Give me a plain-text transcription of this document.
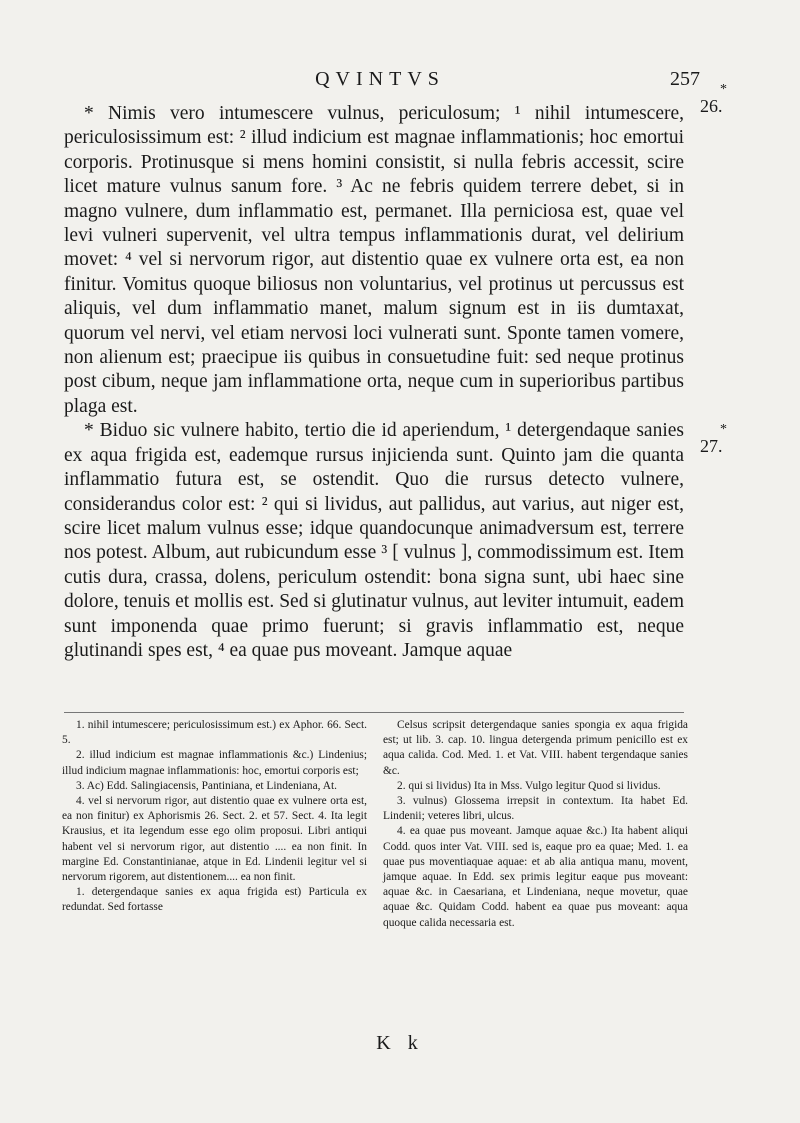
QVINTVS	257	*
26.
*
27.

* Nimis vero intumescere vulnus, periculosum; ¹ nihil intumescere, periculosissimum est: ² illud indicium est magnae inflammationis; hoc emortui corporis. Protinusque si mens homini consistit, si nulla febris accessit, scire licet mature vulnus sanum fore. ³ Ac ne febris quidem terrere debet, si in magno vulnere, dum inflammatio est, permanet. Illa perniciosa est, quae vel levi vulneri supervenit, vel ultra tempus inflammationis durat, vel delirium movet: ⁴ vel si nervorum rigor, aut distentio quae ex vulnere orta est, ea non finitur. Vomitus quoque biliosus non voluntarius, vel protinus ut percussus est aliquis, vel dum inflammatio manet, malum signum est in iis dumtaxat, quorum vel nervi, vel etiam nervosi loci vulnerati sunt. Sponte tamen vomere, non alienum est; praecipue iis quibus in consuetudine fuit: sed neque protinus post cibum, neque jam inflammatione orta, neque cum in superioribus partibus plaga est.

* Biduo sic vulnere habito, tertio die id aperiendum, ¹ detergendaque sanies ex aqua frigida est, eademque rursus injicienda sunt. Quinto jam die quanta inflammatio futura est, se ostendit. Quo die rursus detecto vulnere, considerandus color est: ² qui si lividus, aut pallidus, aut varius, aut niger est, scire licet malum vulnus esse; idque quandocunque animadversum est, terrere nos potest. Album, aut rubicundum esse ³ [ vulnus ], commodissimum est. Item cutis dura, crassa, dolens, periculum ostendit: bona signa sunt, ubi haec sine dolore, tenuis et mollis est. Sed si glutinatur vulnus, aut leviter intumuit, eadem sunt imponenda quae primo fuerunt; si gravis inflammatio est, neque glutinandi spes est, ⁴ ea quae pus moveant. Jamque aquae

1. nihil intumescere; periculosissimum est.) ex Aphor. 66. Sect. 5.

2. illud indicium est magnae inflammationis &c.) Lindenius; illud indicium magnae inflammationis: hoc, emortui corporis est;

3. Ac) Edd. Salingiacensis, Pantiniana, et Lindeniana, At.

4. vel si nervorum rigor, aut distentio quae ex vulnere orta est, ea non finitur) ex Aphorismis 26. Sect. 2. et 57. Sect. 4. Ita legit Krausius, et ita legendum esse ego olim proposui. Libri antiqui habent vel si nervorum rigor, aut distentio .... ea non finit. In margine Ed. Constantinianae, atque in Ed. Lindenii legitur vel si nervorum rigorem, aut distentionem.... ea non finit.

1. detergendaque sanies ex aqua frigida est) Particula ex redundat. Sed fortasse

Celsus scripsit detergendaque sanies spongia ex aqua frigida est; ut lib. 3. cap. 10. lingua detergenda primum penicillo est ex aqua calida. Cod. Med. 1. et Vat. VIII. habent tergendaque sanies &c.

2. qui si lividus) Ita in Mss. Vulgo legitur Quod si lividus.

3. vulnus) Glossema irrepsit in contextum. Ita habet Ed. Lindenii; veteres libri, ulcus.

4. ea quae pus moveant. Jamque aquae &c.) Ita habent aliqui Codd. quos inter Vat. VIII. sed is, eaque pro ea quae; Med. 1. ea quae pus moventiaquae aquae: et ab alia antiqua manu, movent, jamque aquae. In Edd. sex primis legitur eaque pus moveant: aquae &c. in Caesariana, et Lindeniana, neque movetur, quae aquae &c. Quidam Codd. habent ea quae pus moveant: aqua quoque calida necessaria est.

K k
